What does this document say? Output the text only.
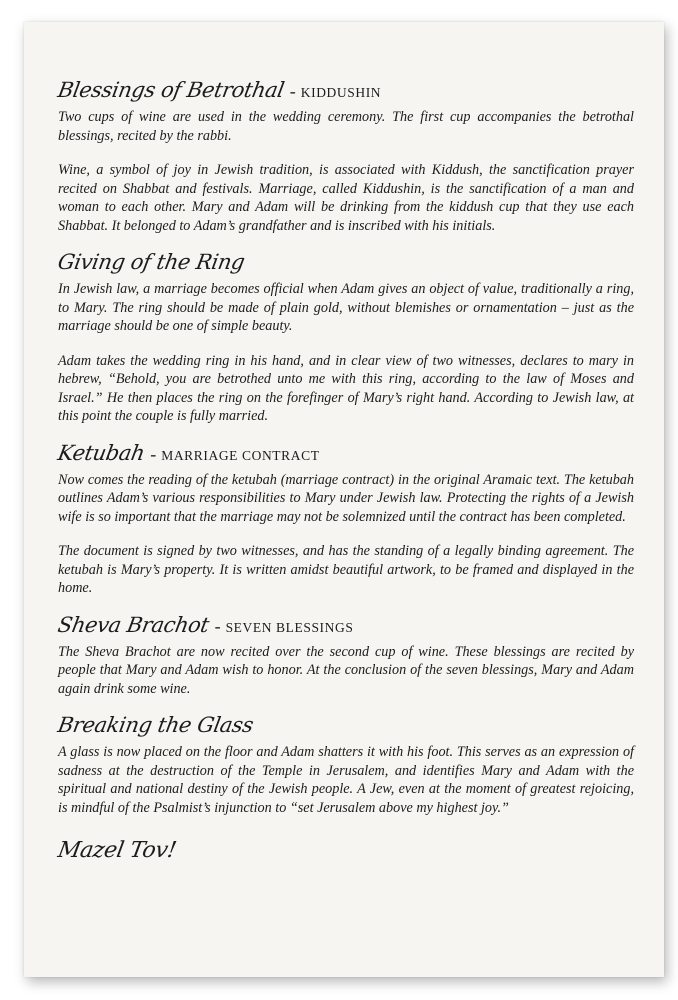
Blessings of Betrothal - KIDDUSHIN

Two cups of wine are used in the wedding ceremony. The first cup accompanies the betrothal blessings, recited by the rabbi.

Wine, a symbol of joy in Jewish tradition, is associated with Kiddush, the sanctification prayer recited on Shabbat and festivals. Marriage, called Kiddushin, is the sanctification of a man and woman to each other. Mary and Adam will be drinking from the kiddush cup that they use each Shabbat. It belonged to Adam’s grandfather and is inscribed with his initials.

Giving of the Ring

In Jewish law, a marriage becomes official when Adam gives an object of value, traditionally a ring, to Mary. The ring should be made of plain gold, without blemishes or ornamentation – just as the marriage should be one of simple beauty.

Adam takes the wedding ring in his hand, and in clear view of two witnesses, declares to mary in hebrew, “Behold, you are betrothed unto me with this ring, according to the law of Moses and Israel.” He then places the ring on the forefinger of Mary’s right hand. According to Jewish law, at this point the couple is fully married.

Ketubah - MARRIAGE CONTRACT

Now comes the reading of the ketubah (marriage contract) in the original Aramaic text. The ketubah outlines Adam’s various responsibilities to Mary under Jewish law. Protecting the rights of a Jewish wife is so important that the marriage may not be solemnized until the contract has been completed.

The document is signed by two witnesses, and has the standing of a legally binding agreement. The ketubah is Mary’s property. It is written amidst beautiful artwork, to be framed and displayed in the home.

Sheva Brachot - SEVEN BLESSINGS

The Sheva Brachot are now recited over the second cup of wine. These blessings are recited by people that Mary and Adam wish to honor. At the conclusion of the seven blessings, Mary and Adam again drink some wine.

Breaking the Glass

A glass is now placed on the floor and Adam shatters it with his foot. This serves as an expression of sadness at the destruction of the Temple in Jerusalem, and identifies Mary and Adam with the spiritual and national destiny of the Jewish people. A Jew, even at the moment of greatest rejoicing, is mindful of the Psalmist’s injunction to “set Jerusalem above my highest joy.”

Mazel Tov!
